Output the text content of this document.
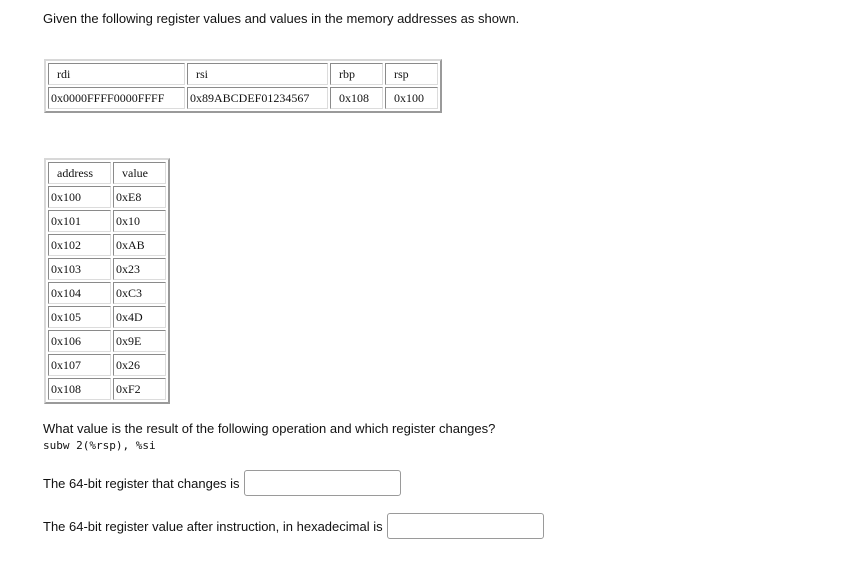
Given the following register values and values in the memory addresses as shown.
rdi	rsi	rbp	rsp
0x0000FFFF0000FFFF	0x89ABCDEF01234567	0x108	0x100
address	value
0x100	0xE8
0x101	0x10
0x102	0xAB
0x103	0x23
0x104	0xC3
0x105	0x4D
0x106	0x9E
0x107	0x26
0x108	0xF2
What value is the result of the following operation and which register changes?
subw 2(%rsp), %si
The 64-bit register that changes is
The 64-bit register value after instruction, in hexadecimal is
